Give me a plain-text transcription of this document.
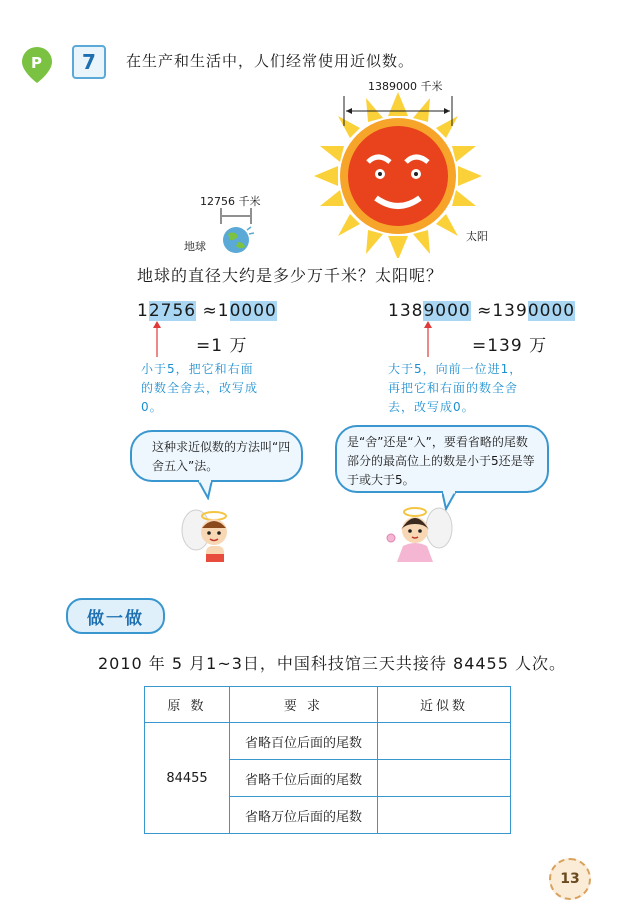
P	7	在生产和生活中，人们经常使用近似数。
1389000 千米
太阳
12756 千米
地球
地球的直径大约是多少万千米？太阳呢？
12756 ≈10000
=1 万
小于5，把它和右面的数全舍去，改写成0。
1389000 ≈1390000
=139 万
大于5，向前一位进1，再把它和右面的数全舍去，改写成0。
这种求近似数的方法叫“四舍五入”法。
是“舍”还是“入”，要看省略的尾数部分的最高位上的数是小于5还是等于或大于5。
做一做
2010 年 5 月1~3日，中国科技馆三天共接待 84455 人次。
原 数	要 求	近似数
84455	省略百位后面的尾数	
	省略千位后面的尾数	
	省略万位后面的尾数	
13
